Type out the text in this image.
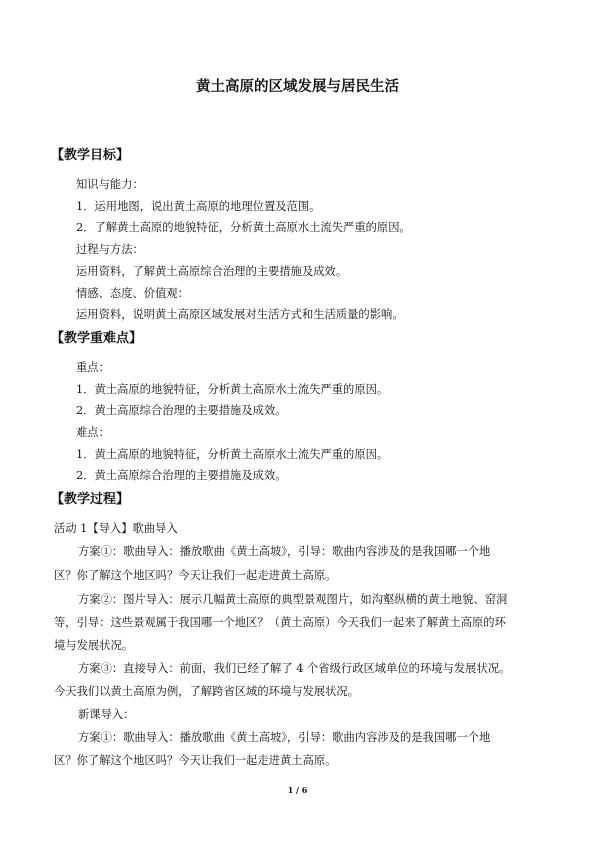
黄土高原的区域发展与居民生活
【教学目标】
知识与能力：
1．运用地图，说出黄土高原的地理位置及范围。
2．了解黄土高原的地貌特征，分析黄土高原水土流失严重的原因。
过程与方法：
运用资料，了解黄土高原综合治理的主要措施及成效。
情感、态度、价值观：
运用资料，说明黄土高原区域发展对生活方式和生活质量的影响。
【教学重难点】
重点：
1．黄土高原的地貌特征，分析黄土高原水土流失严重的原因。
2．黄土高原综合治理的主要措施及成效。
难点：
1．黄土高原的地貌特征，分析黄土高原水土流失严重的原因。
2．黄土高原综合治理的主要措施及成效。
【教学过程】
活动 1【导入】歌曲导入
方案①：歌曲导入：播放歌曲《黄土高坡》，引导：歌曲内容涉及的是我国哪一个地
区？你了解这个地区吗？今天让我们一起走进黄土高原。
方案②：图片导入：展示几幅黄土高原的典型景观图片，如沟壑纵横的黄土地貌、窑洞
等，引导：这些景观属于我国哪一个地区？（黄土高原）今天我们一起来了解黄土高原的环
境与发展状况。
方案③：直接导入：前面，我们已经了解了 4 个省级行政区域单位的环境与发展状况。
今天我们以黄土高原为例，了解跨省区域的环境与发展状况。
新课导入：
方案①：歌曲导入：播放歌曲《黄土高坡》，引导：歌曲内容涉及的是我国哪一个地
区？你了解这个地区吗？今天让我们一起走进黄土高原。
1 / 6
